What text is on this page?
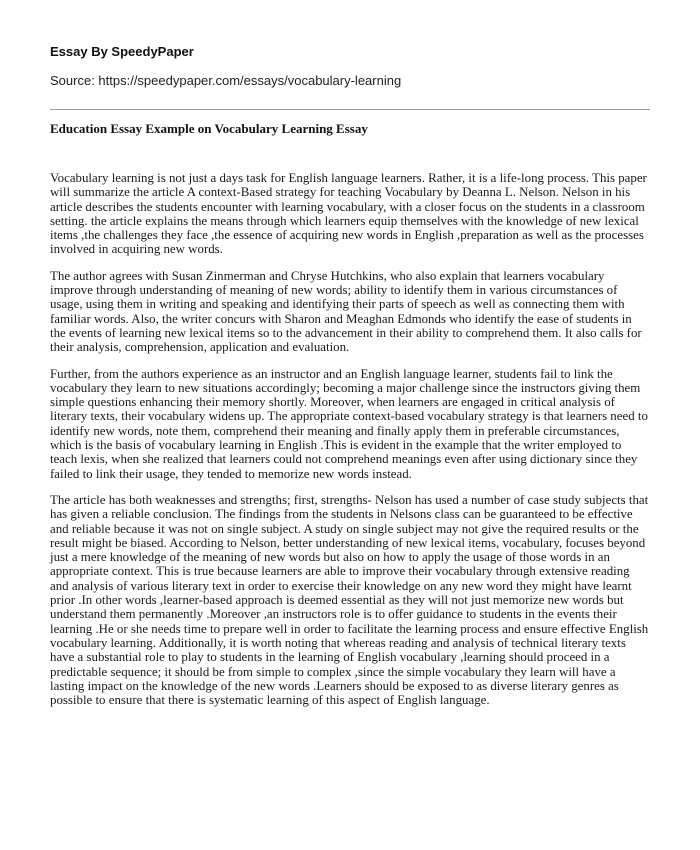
Essay By SpeedyPaper
Source: https://speedypaper.com/essays/vocabulary-learning
Education Essay Example on Vocabulary Learning Essay

Vocabulary learning is not just a days task for English language learners. Rather, it is a life-long process. This paper will summarize the article A context-Based strategy for teaching Vocabulary by Deanna L. Nelson. Nelson in his article describes the students encounter with learning vocabulary, with a closer focus on the students in a classroom setting. the article explains the means through which learners equip themselves with the knowledge of new lexical items ,the challenges they face ,the essence of acquiring new words in English ,preparation as well as the processes involved in acquiring new words.

The author agrees with Susan Zinmerman and Chryse Hutchkins, who also explain that learners vocabulary improve through understanding of meaning of new words; ability to identify them in various circumstances of usage, using them in writing and speaking and identifying their parts of speech as well as connecting them with familiar words. Also, the writer concurs with Sharon and Meaghan Edmonds who identify the ease of students in the events of learning new lexical items so to the advancement in their ability to comprehend them. It also calls for their analysis, comprehension, application and evaluation.

Further, from the authors experience as an instructor and an English language learner, students fail to link the vocabulary they learn to new situations accordingly; becoming a major challenge since the instructors giving them simple questions enhancing their memory shortly. Moreover, when learners are engaged in critical analysis of literary texts, their vocabulary widens up. The appropriate context-based vocabulary strategy is that learners need to identify new words, note them, comprehend their meaning and finally apply them in preferable circumstances, which is the basis of vocabulary learning in English .This is evident in the example that the writer employed to teach lexis, when she realized that learners could not comprehend meanings even after using dictionary since they failed to link their usage, they tended to memorize new words instead.

The article has both weaknesses and strengths; first, strengths- Nelson has used a number of case study subjects that has given a reliable conclusion. The findings from the students in Nelsons class can be guaranteed to be effective and reliable because it was not on single subject. A study on single subject may not give the required results or the result might be biased. According to Nelson, better understanding of new lexical items, vocabulary, focuses beyond just a mere knowledge of the meaning of new words but also on how to apply the usage of those words in an appropriate context. This is true because learners are able to improve their vocabulary through extensive reading and analysis of various literary text in order to exercise their knowledge on any new word they might have learnt prior .In other words ,learner-based approach is deemed essential as they will not just memorize new words but understand them permanently .Moreover ,an instructors role is to offer guidance to students in the events their learning .He or she needs time to prepare well in order to facilitate the learning process and ensure effective English vocabulary learning. Additionally, it is worth noting that whereas reading and analysis of technical literary texts have a substantial role to play to students in the learning of English vocabulary ,learning should proceed in a predictable sequence; it should be from simple to complex ,since the simple vocabulary they learn will have a lasting impact on the knowledge of the new words .Learners should be exposed to as diverse literary genres as possible to ensure that there is systematic learning of this aspect of English language.
